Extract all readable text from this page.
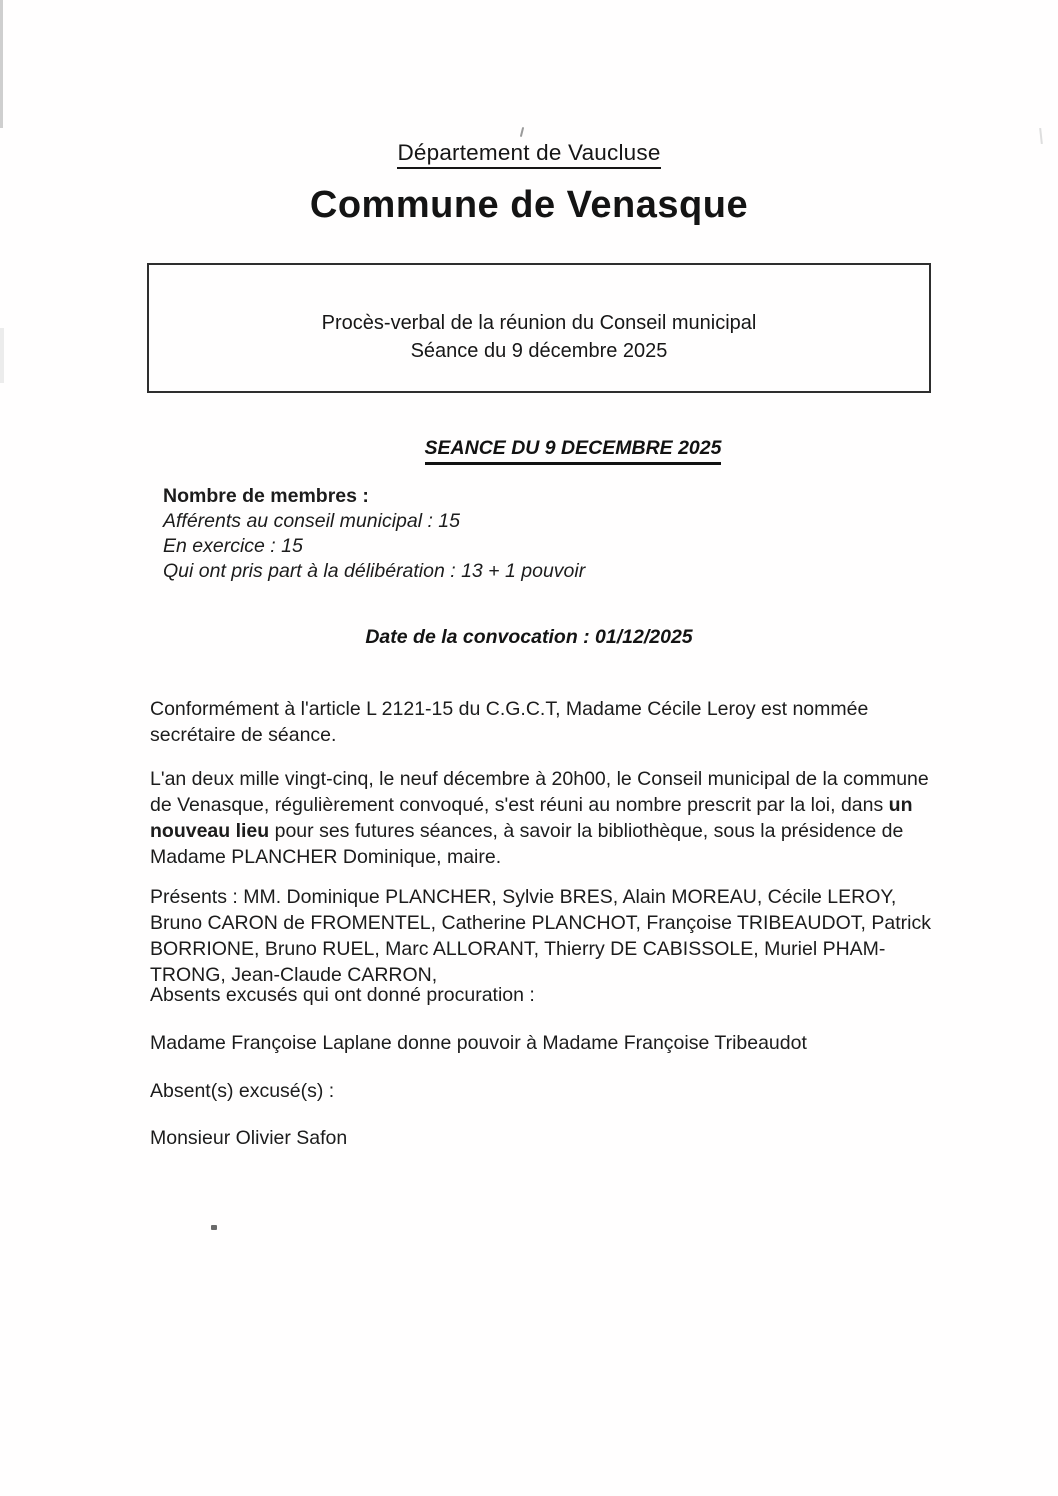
Département de Vaucluse
Commune de Venasque
Procès-verbal de la réunion du Conseil municipal
Séance du 9 décembre 2025
SEANCE DU 9 DECEMBRE 2025
Nombre de membres :
Afférents au conseil municipal : 15
En exercice : 15
Qui ont pris part à la délibération : 13 + 1 pouvoir
Date de la convocation : 01/12/2025
Conformément à l'article L 2121-15 du C.G.C.T, Madame Cécile Leroy est nommée secrétaire de séance.
L'an deux mille vingt-cinq, le neuf décembre à 20h00, le Conseil municipal de la commune de Venasque, régulièrement convoqué, s'est réuni au nombre prescrit par la loi, dans un nouveau lieu pour ses futures séances, à savoir la bibliothèque, sous la présidence de Madame PLANCHER Dominique, maire.
Présents : MM. Dominique PLANCHER, Sylvie BRES, Alain MOREAU, Cécile LEROY, Bruno CARON de FROMENTEL, Catherine PLANCHOT, Françoise TRIBEAUDOT, Patrick BORRIONE, Bruno RUEL, Marc ALLORANT, Thierry DE CABISSOLE, Muriel PHAM-TRONG, Jean-Claude CARRON,
Absents excusés qui ont donné procuration :
Madame Françoise Laplane donne pouvoir à Madame Françoise Tribeaudot
Absent(s) excusé(s) :
Monsieur Olivier Safon
